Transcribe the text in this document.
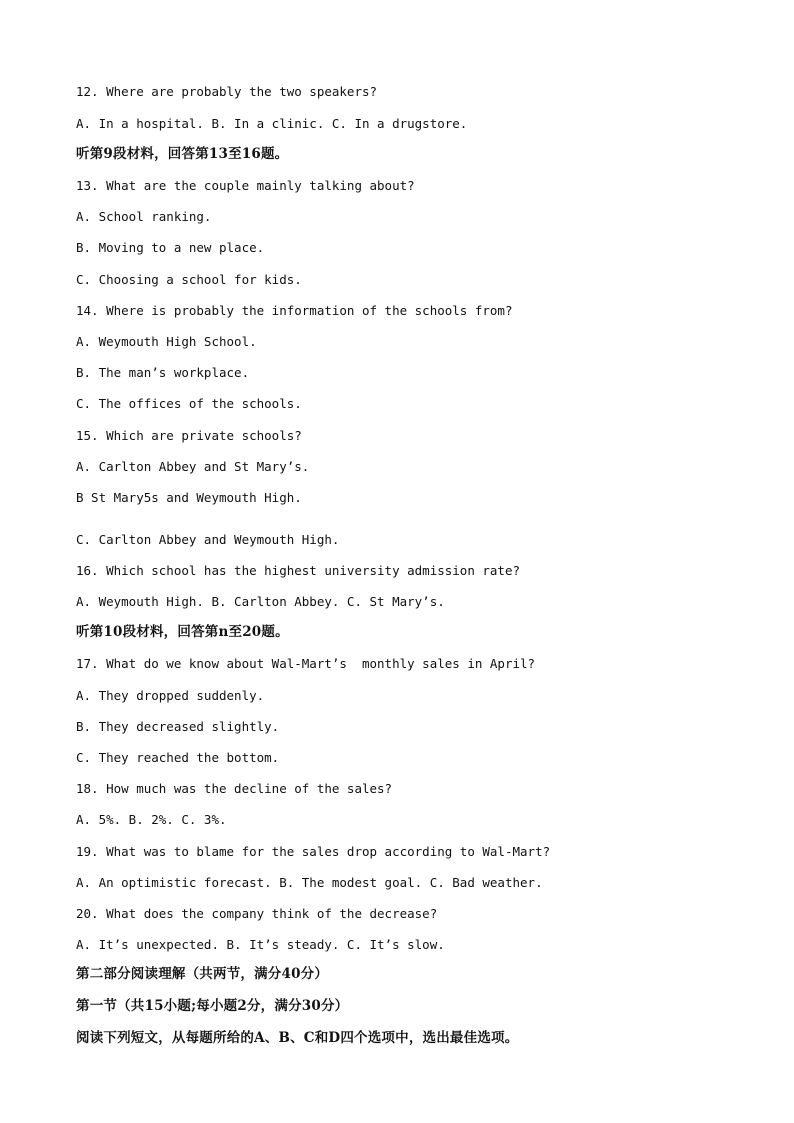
12. Where are probably the two speakers?
A. In a hospital. B. In a clinic. C. In a drugstore.
听第9段材料，回答第13至16题。
13. What are the couple mainly talking about?
A. School ranking.
B. Moving to a new place.
C. Choosing a school for kids.
14. Where is probably the information of the schools from?
A. Weymouth High School.
B. The man’s workplace.
C. The offices of the schools.
15. Which are private schools?
A. Carlton Abbey and St Mary’s.
B St Mary5s and Weymouth High.
C. Carlton Abbey and Weymouth High.
16. Which school has the highest university admission rate?
A. Weymouth High. B. Carlton Abbey. C. St Mary’s.
听第10段材料，回答第n至20题。
17. What do we know about Wal-Mart’s  monthly sales in April?
A. They dropped suddenly.
B. They decreased slightly.
C. They reached the bottom.
18. How much was the decline of the sales?
A. 5%. B. 2%. C. 3%.
19. What was to blame for the sales drop according to Wal-Mart?
A. An optimistic forecast. B. The modest goal. C. Bad weather.
20. What does the company think of the decrease?
A. It’s unexpected. B. It’s steady. C. It’s slow.
第二部分阅读理解（共两节，满分40分）
第一节（共15小题;每小题2分，满分30分）
阅读下列短文，从每题所给的A、B、C和D四个选项中，选出最佳选项。
